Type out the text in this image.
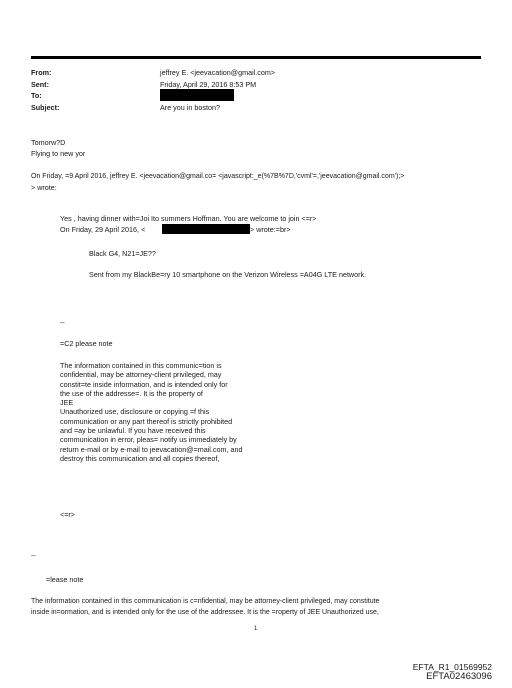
From:
Sent:
To:
Subject:
jeffrey E. <jeevacation@gmail.com>
Friday, April 29, 2016 8:53 PM
Are you in boston?
Tomorw?D
Flying to new yor
On Friday, =9 April 2016, jeffrey E. <jeevacation@gmail.co= <javascript:_e(%7B%7D,'cvml'=,'jeevacation@gmail.com');>
> wrote:
Yes , having dinner with=Joi Ito summers Hoffman. You are welcome to join <=r>
On Friday, 29 April 2016, <	> wrote:=br>
Black G4, N21=JE??
Sent from my BlackBe=ry 10 smartphone on the Verizon Wireless =A04G LTE network.
--
=C2 please note
The information contained in this communic=tion is
confidential, may be attorney-client privileged, may
constit=te inside information, and is intended only for
the use of the addresse=. It is the property of
JEE
Unauthorized use, disclosure or copying =f this
communication or any part thereof is strictly prohibited
and =ay be unlawful. If you have received this
communication in error, pleas= notify us immediately by
return e-mail or by e-mail to jeevacation@=mail.com, and
destroy this communication and all copies thereof,
<=r>
--
=lease note
The information contained in this communication is c=nfidential, may be attorney-client privileged, may constitute
inside in=ormation, and is intended only for the use of the addressee. It is the =roperty of JEE Unauthorized use,
1
EFTA_R1_01569952
EFTA02463096
